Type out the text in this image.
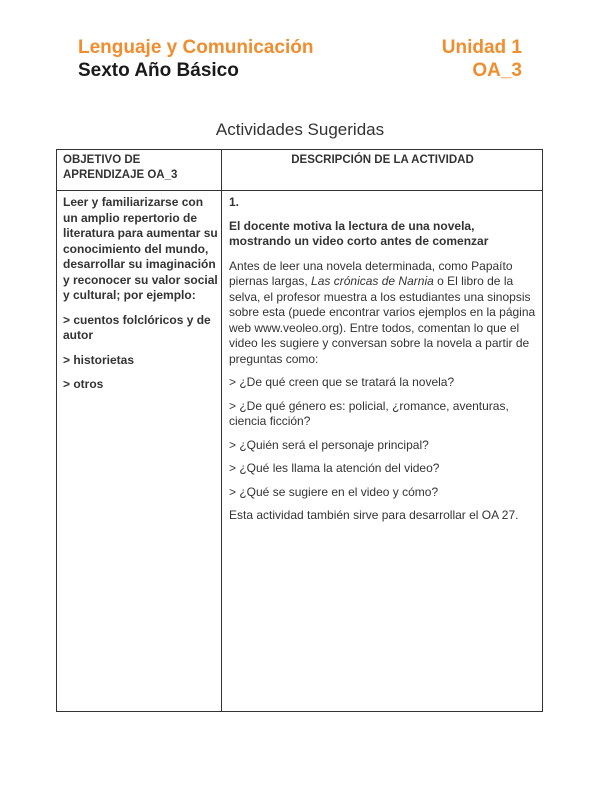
Lenguaje y Comunicación	Unidad 1
Sexto Año Básico	OA_3
Actividades Sugeridas
OBJETIVO DE APRENDIZAJE OA_3
DESCRIPCIÓN DE LA ACTIVIDAD

Leer y familiarizarse con un amplio repertorio de literatura para aumentar su conocimiento del mundo, desarrollar su imaginación y reconocer su valor social y cultural; por ejemplo:

> cuentos folclóricos y de autor

> historietas

> otros

1.

El docente motiva la lectura de una novela, mostrando un video corto antes de comenzar

Antes de leer una novela determinada, como Papaíto piernas largas, Las crónicas de Narnia o El libro de la selva, el profesor muestra a los estudiantes una sinopsis sobre esta (puede encontrar varios ejemplos en la página web www.veoleo.org). Entre todos, comentan lo que el video les sugiere y conversan sobre la novela a partir de preguntas como:

> ¿De qué creen que se tratará la novela?

> ¿De qué género es: policial, ¿romance, aventuras, ciencia ficción?

> ¿Quién será el personaje principal?

> ¿Qué les llama la atención del video?

> ¿Qué se sugiere en el video y cómo?

Esta actividad también sirve para desarrollar el OA 27.
